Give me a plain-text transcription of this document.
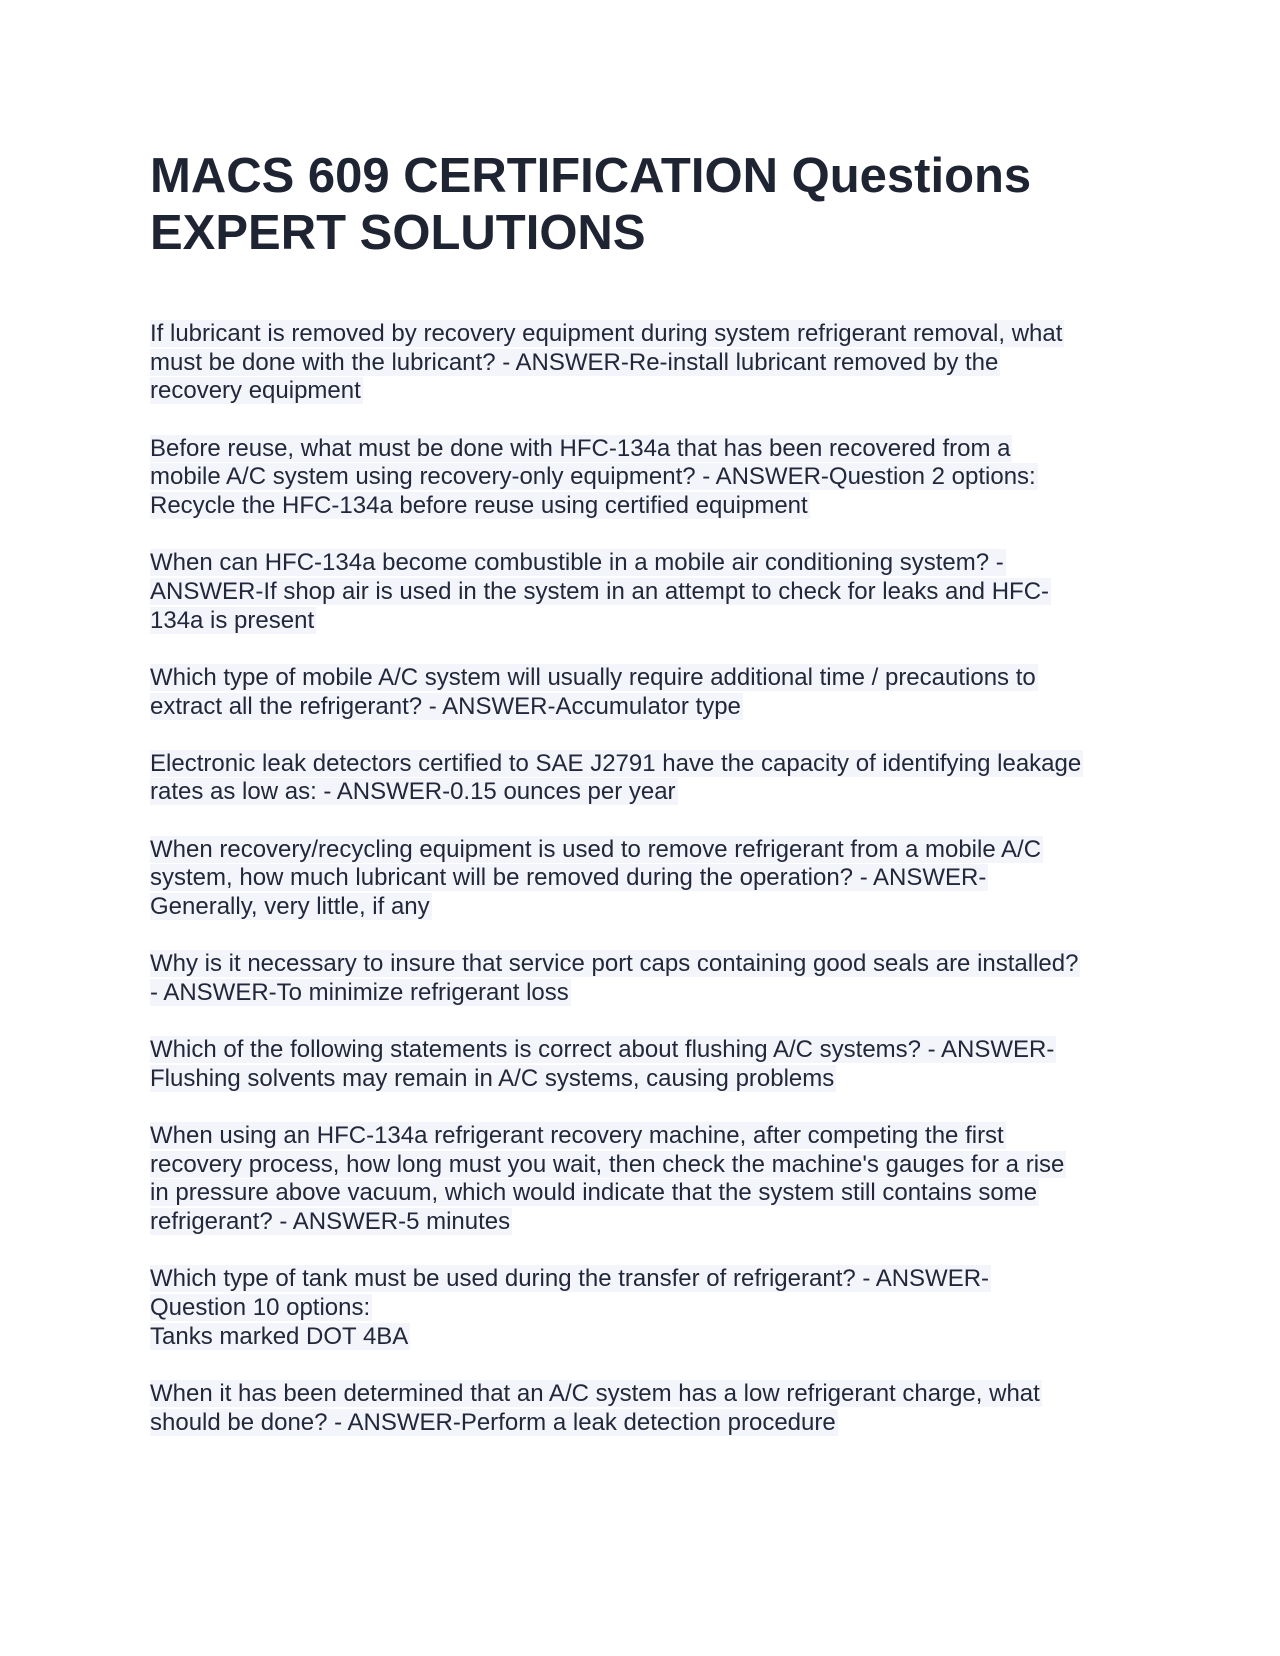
MACS 609 CERTIFICATION Questions
EXPERT SOLUTIONS
If lubricant is removed by recovery equipment during system refrigerant removal, what
must be done with the lubricant? - ANSWER-Re-install lubricant removed by the
recovery equipment
Before reuse, what must be done with HFC-134a that has been recovered from a
mobile A/C system using recovery-only equipment? - ANSWER-Question 2 options:
Recycle the HFC-134a before reuse using certified equipment
When can HFC-134a become combustible in a mobile air conditioning system? -
ANSWER-If shop air is used in the system in an attempt to check for leaks and HFC-
134a is present
Which type of mobile A/C system will usually require additional time / precautions to
extract all the refrigerant? - ANSWER-Accumulator type
Electronic leak detectors certified to SAE J2791 have the capacity of identifying leakage
rates as low as: - ANSWER-0.15 ounces per year
When recovery/recycling equipment is used to remove refrigerant from a mobile A/C
system, how much lubricant will be removed during the operation? - ANSWER-
Generally, very little, if any
Why is it necessary to insure that service port caps containing good seals are installed?
- ANSWER-To minimize refrigerant loss
Which of the following statements is correct about flushing A/C systems? - ANSWER-
Flushing solvents may remain in A/C systems, causing problems
When using an HFC-134a refrigerant recovery machine, after competing the first
recovery process, how long must you wait, then check the machine's gauges for a rise
in pressure above vacuum, which would indicate that the system still contains some
refrigerant? - ANSWER-5 minutes
Which type of tank must be used during the transfer of refrigerant? - ANSWER-
Question 10 options:
Tanks marked DOT 4BA
When it has been determined that an A/C system has a low refrigerant charge, what
should be done? - ANSWER-Perform a leak detection procedure
